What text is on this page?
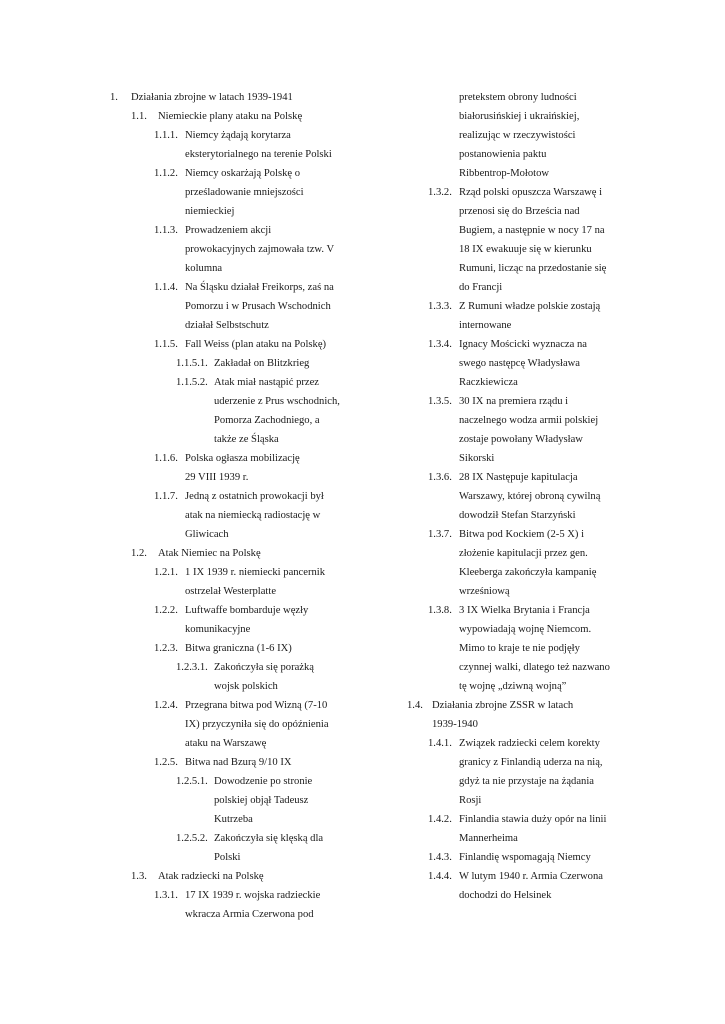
1. Działania zbrojne w latach 1939-1941
1.1. Niemieckie plany ataku na Polskę
1.1.1. Niemcy żądają korytarza
eksterytorialnego na terenie Polski
1.1.2. Niemcy oskarżają Polskę o
prześladowanie mniejszości
niemieckiej
1.1.3. Prowadzeniem akcji
prowokacyjnych zajmowała tzw. V
kolumna
1.1.4. Na Śląsku działał Freikorps, zaś na
Pomorzu i w Prusach Wschodnich
działał Selbstschutz
1.1.5. Fall Weiss (plan ataku na Polskę)
1.1.5.1. Zakładał on Blitzkrieg
1.1.5.2. Atak miał nastąpić przez
uderzenie z Prus wschodnich,
Pomorza Zachodniego, a
także ze Śląska
1.1.6. Polska ogłasza mobilizację
29 VIII 1939 r.
1.1.7. Jedną z ostatnich prowokacji był
atak na niemiecką radiostację w
Gliwicach
1.2. Atak Niemiec na Polskę
1.2.1. 1 IX 1939 r. niemiecki pancernik
ostrzelał Westerplatte
1.2.2. Luftwaffe bombarduje węzły
komunikacyjne
1.2.3. Bitwa graniczna (1-6 IX)
1.2.3.1. Zakończyła się porażką
wojsk polskich
1.2.4. Przegrana bitwa pod Wizną (7-10
IX) przyczyniła się do opóźnienia
ataku na Warszawę
1.2.5. Bitwa nad Bzurą 9/10 IX
1.2.5.1. Dowodzenie po stronie
polskiej objął Tadeusz
Kutrzeba
1.2.5.2. Zakończyła się klęską dla
Polski
1.3. Atak radziecki na Polskę
1.3.1. 17 IX 1939 r. wojska radzieckie
wkracza Armia Czerwona pod
pretekstem obrony ludności
białorusińskiej i ukraińskiej,
realizując w rzeczywistości
postanowienia paktu
Ribbentrop-Mołotow
1.3.2. Rząd polski opuszcza Warszawę i
przenosi się do Brześcia nad
Bugiem, a następnie w nocy 17 na
18 IX ewakuuje się w kierunku
Rumuni, licząc na przedostanie się
do Francji
1.3.3. Z Rumuni władze polskie zostają
internowane
1.3.4. Ignacy Mościcki wyznacza na
swego następcę Władysława
Raczkiewicza
1.3.5. 30 IX na premiera rządu i
naczelnego wodza armii polskiej
zostaje powołany Władysław
Sikorski
1.3.6. 28 IX Następuje kapitulacja
Warszawy, której obroną cywilną
dowodził Stefan Starzyński
1.3.7. Bitwa pod Kockiem (2-5 X) i
złożenie kapitulacji przez gen.
Kleeberga zakończyła kampanię
wrześniową
1.3.8. 3 IX Wielka Brytania i Francja
wypowiadają wojnę Niemcom.
Mimo to kraje te nie podjęły
czynnej walki, dlatego też nazwano
tę wojnę „dziwną wojną”
1.4. Działania zbrojne ZSSR w latach
1939-1940
1.4.1. Związek radziecki celem korekty
granicy z Finlandią uderza na nią,
gdyż ta nie przystaje na żądania
Rosji
1.4.2. Finlandia stawia duży opór na linii
Mannerheima
1.4.3. Finlandię wspomagają Niemcy
1.4.4. W lutym 1940 r. Armia Czerwona
dochodzi do Helsinek
